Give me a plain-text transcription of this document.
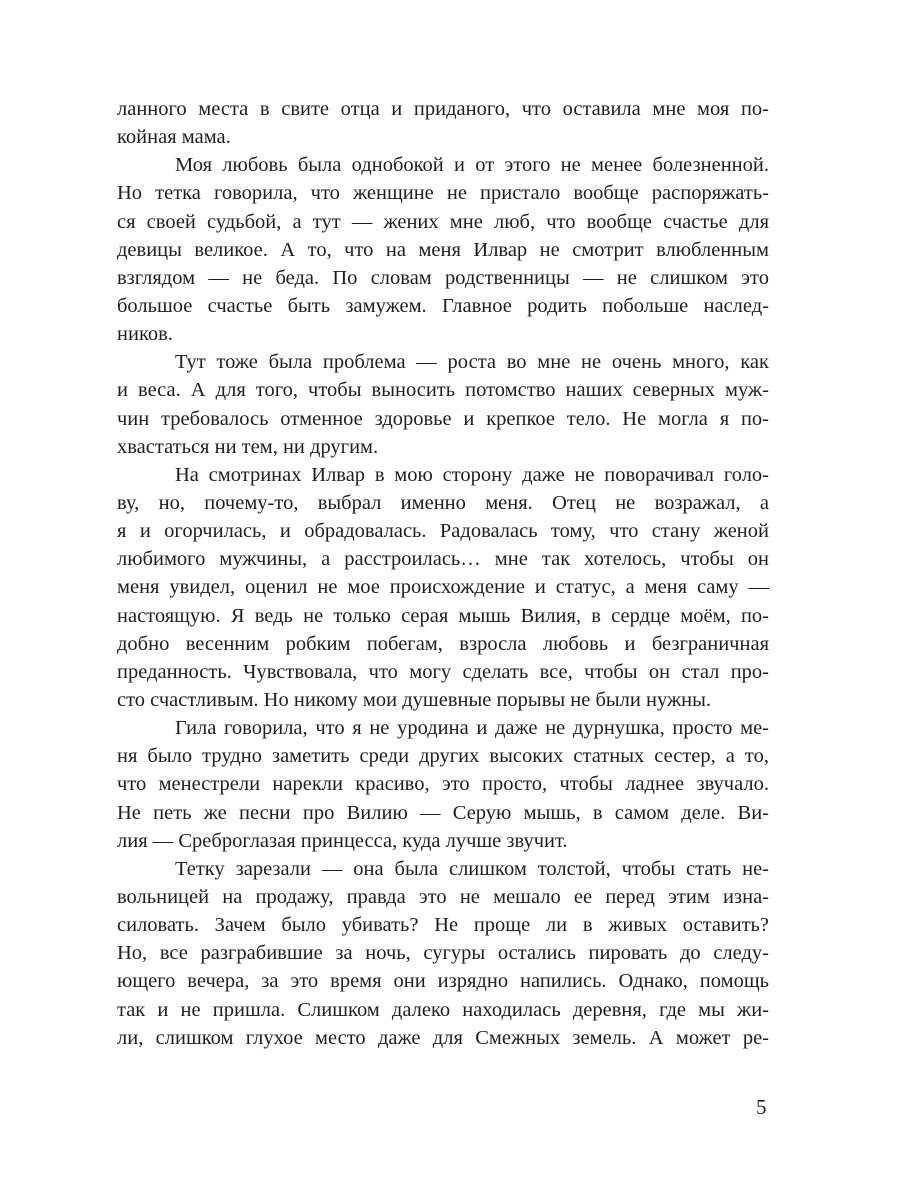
ланного места в свите отца и приданого, что оставила мне моя по-
койная мама.
Моя любовь была однобокой и от этого не менее болезненной.
Но тетка говорила, что женщине не пристало вообще распоряжать-
ся своей судьбой, а тут — жених мне люб, что вообще счастье для
девицы великое. А то, что на меня Илвар не смотрит влюбленным
взглядом — не беда. По словам родственницы — не слишком это
большое счастье быть замужем. Главное родить побольше наслед-
ников.
Тут тоже была проблема — роста во мне не очень много, как
и веса. А для того, чтобы выносить потомство наших северных муж-
чин требовалось отменное здоровье и крепкое тело. Не могла я по-
хвастаться ни тем, ни другим.
На смотринах Илвар в мою сторону даже не поворачивал голо-
ву, но, почему-то, выбрал именно меня. Отец не возражал, а
я и огорчилась, и обрадовалась. Радовалась тому, что стану женой
любимого мужчины, а расстроилась… мне так хотелось, чтобы он
меня увидел, оценил не мое происхождение и статус, а меня саму —
настоящую. Я ведь не только серая мышь Вилия, в сердце моём, по-
добно весенним робким побегам, взросла любовь и безграничная
преданность. Чувствовала, что могу сделать все, чтобы он стал про-
сто счастливым. Но никому мои душевные порывы не были нужны.
Гила говорила, что я не уродина и даже не дурнушка, просто ме-
ня было трудно заметить среди других высоких статных сестер, а то,
что менестрели нарекли красиво, это просто, чтобы ладнее звучало.
Не петь же песни про Вилию — Серую мышь, в самом деле. Ви-
лия — Среброглазая принцесса, куда лучше звучит.
Тетку зарезали — она была слишком толстой, чтобы стать не-
вольницей на продажу, правда это не мешало ее перед этим изна-
силовать. Зачем было убивать? Не проще ли в живых оставить?
Но, все разграбившие за ночь, сугуры остались пировать до следу-
ющего вечера, за это время они изрядно напились. Однако, помощь
так и не пришла. Слишком далеко находилась деревня, где мы жи-
ли, слишком глухое место даже для Смежных земель. А может ре-
5
